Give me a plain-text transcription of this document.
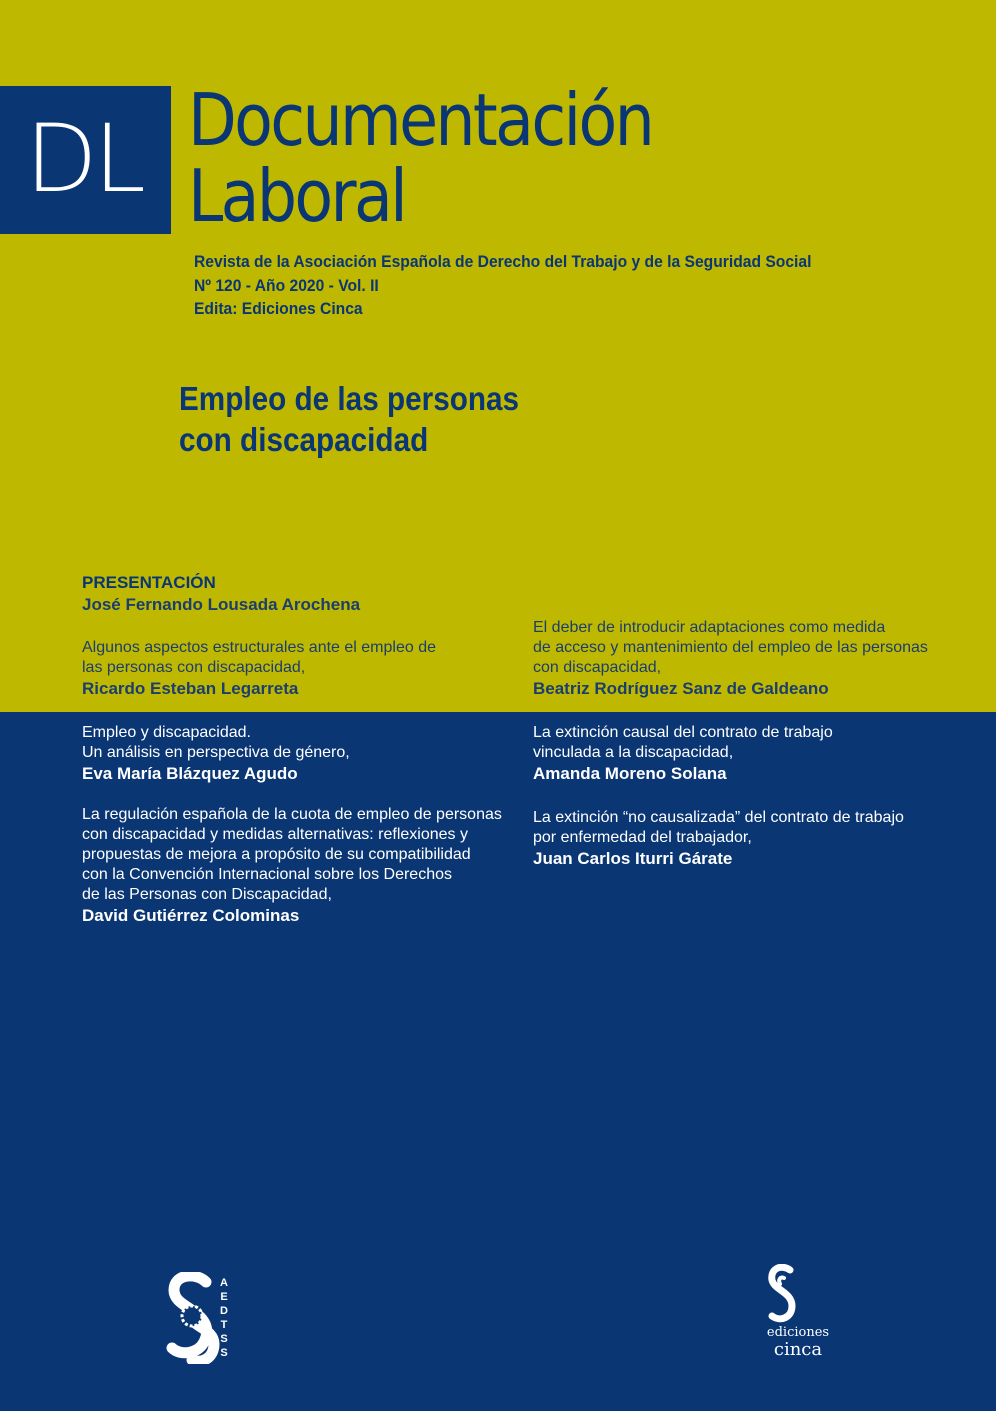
DL Documentación
Laboral
Revista de la Asociación Española de Derecho del Trabajo y de la Seguridad Social
Nº 120 - Año 2020 - Vol. II
Edita: Ediciones Cinca
Empleo de las personas
con discapacidad
PRESENTACIÓN
José Fernando Lousada Arochena
Algunos aspectos estructurales ante el empleo de
las personas con discapacidad,
Ricardo Esteban Legarreta
El deber de introducir adaptaciones como medida
de acceso y mantenimiento del empleo de las personas
con discapacidad,
Beatriz Rodríguez Sanz de Galdeano
Empleo y discapacidad.
Un análisis en perspectiva de género,
Eva María Blázquez Agudo
La extinción causal del contrato de trabajo
vinculada a la discapacidad,
Amanda Moreno Solana
La regulación española de la cuota de empleo de personas
con discapacidad y medidas alternativas: reflexiones y
propuestas de mejora a propósito de su compatibilidad
con la Convención Internacional sobre los Derechos
de las Personas con Discapacidad,
David Gutiérrez Colominas
La extinción “no causalizada” del contrato de trabajo
por enfermedad del trabajador,
Juan Carlos Iturri Gárate
A
E
D
T
S
S
ediciones
cinca
